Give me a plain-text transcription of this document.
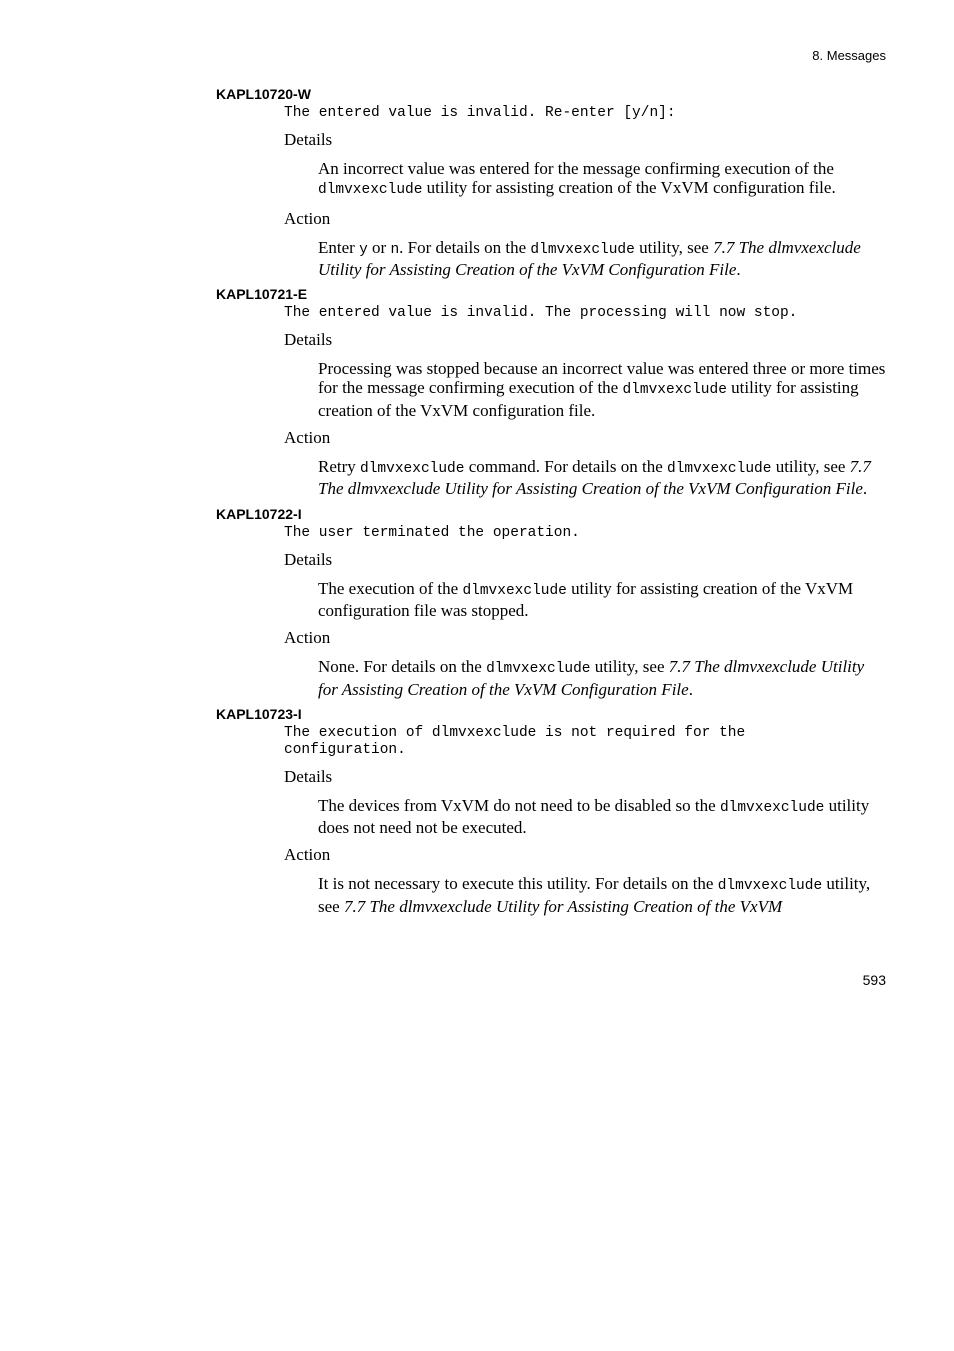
8. Messages
KAPL10720-W
The entered value is invalid. Re-enter [y/n]:
Details

An incorrect value was entered for the message confirming execution of the dlmvxexclude utility for assisting creation of the VxVM configuration file.

Action

Enter y or n. For details on the dlmvxexclude utility, see 7.7 The dlmvxexclude Utility for Assisting Creation of the VxVM Configuration File.

KAPL10721-E
The entered value is invalid. The processing will now stop.
Details

Processing was stopped because an incorrect value was entered three or more times for the message confirming execution of the dlmvxexclude utility for assisting creation of the VxVM configuration file.

Action

Retry dlmvxexclude command. For details on the dlmvxexclude utility, see 7.7 The dlmvxexclude Utility for Assisting Creation of the VxVM Configuration File.

KAPL10722-I
The user terminated the operation.
Details

The execution of the dlmvxexclude utility for assisting creation of the VxVM configuration file was stopped.

Action

None. For details on the dlmvxexclude utility, see 7.7 The dlmvxexclude Utility for Assisting Creation of the VxVM Configuration File.

KAPL10723-I
The execution of dlmvxexclude is not required for the
configuration.
Details

The devices from VxVM do not need to be disabled so the dlmvxexclude utility does not need not be executed.

Action

It is not necessary to execute this utility. For details on the dlmvxexclude utility, see 7.7 The dlmvxexclude Utility for Assisting Creation of the VxVM

593
